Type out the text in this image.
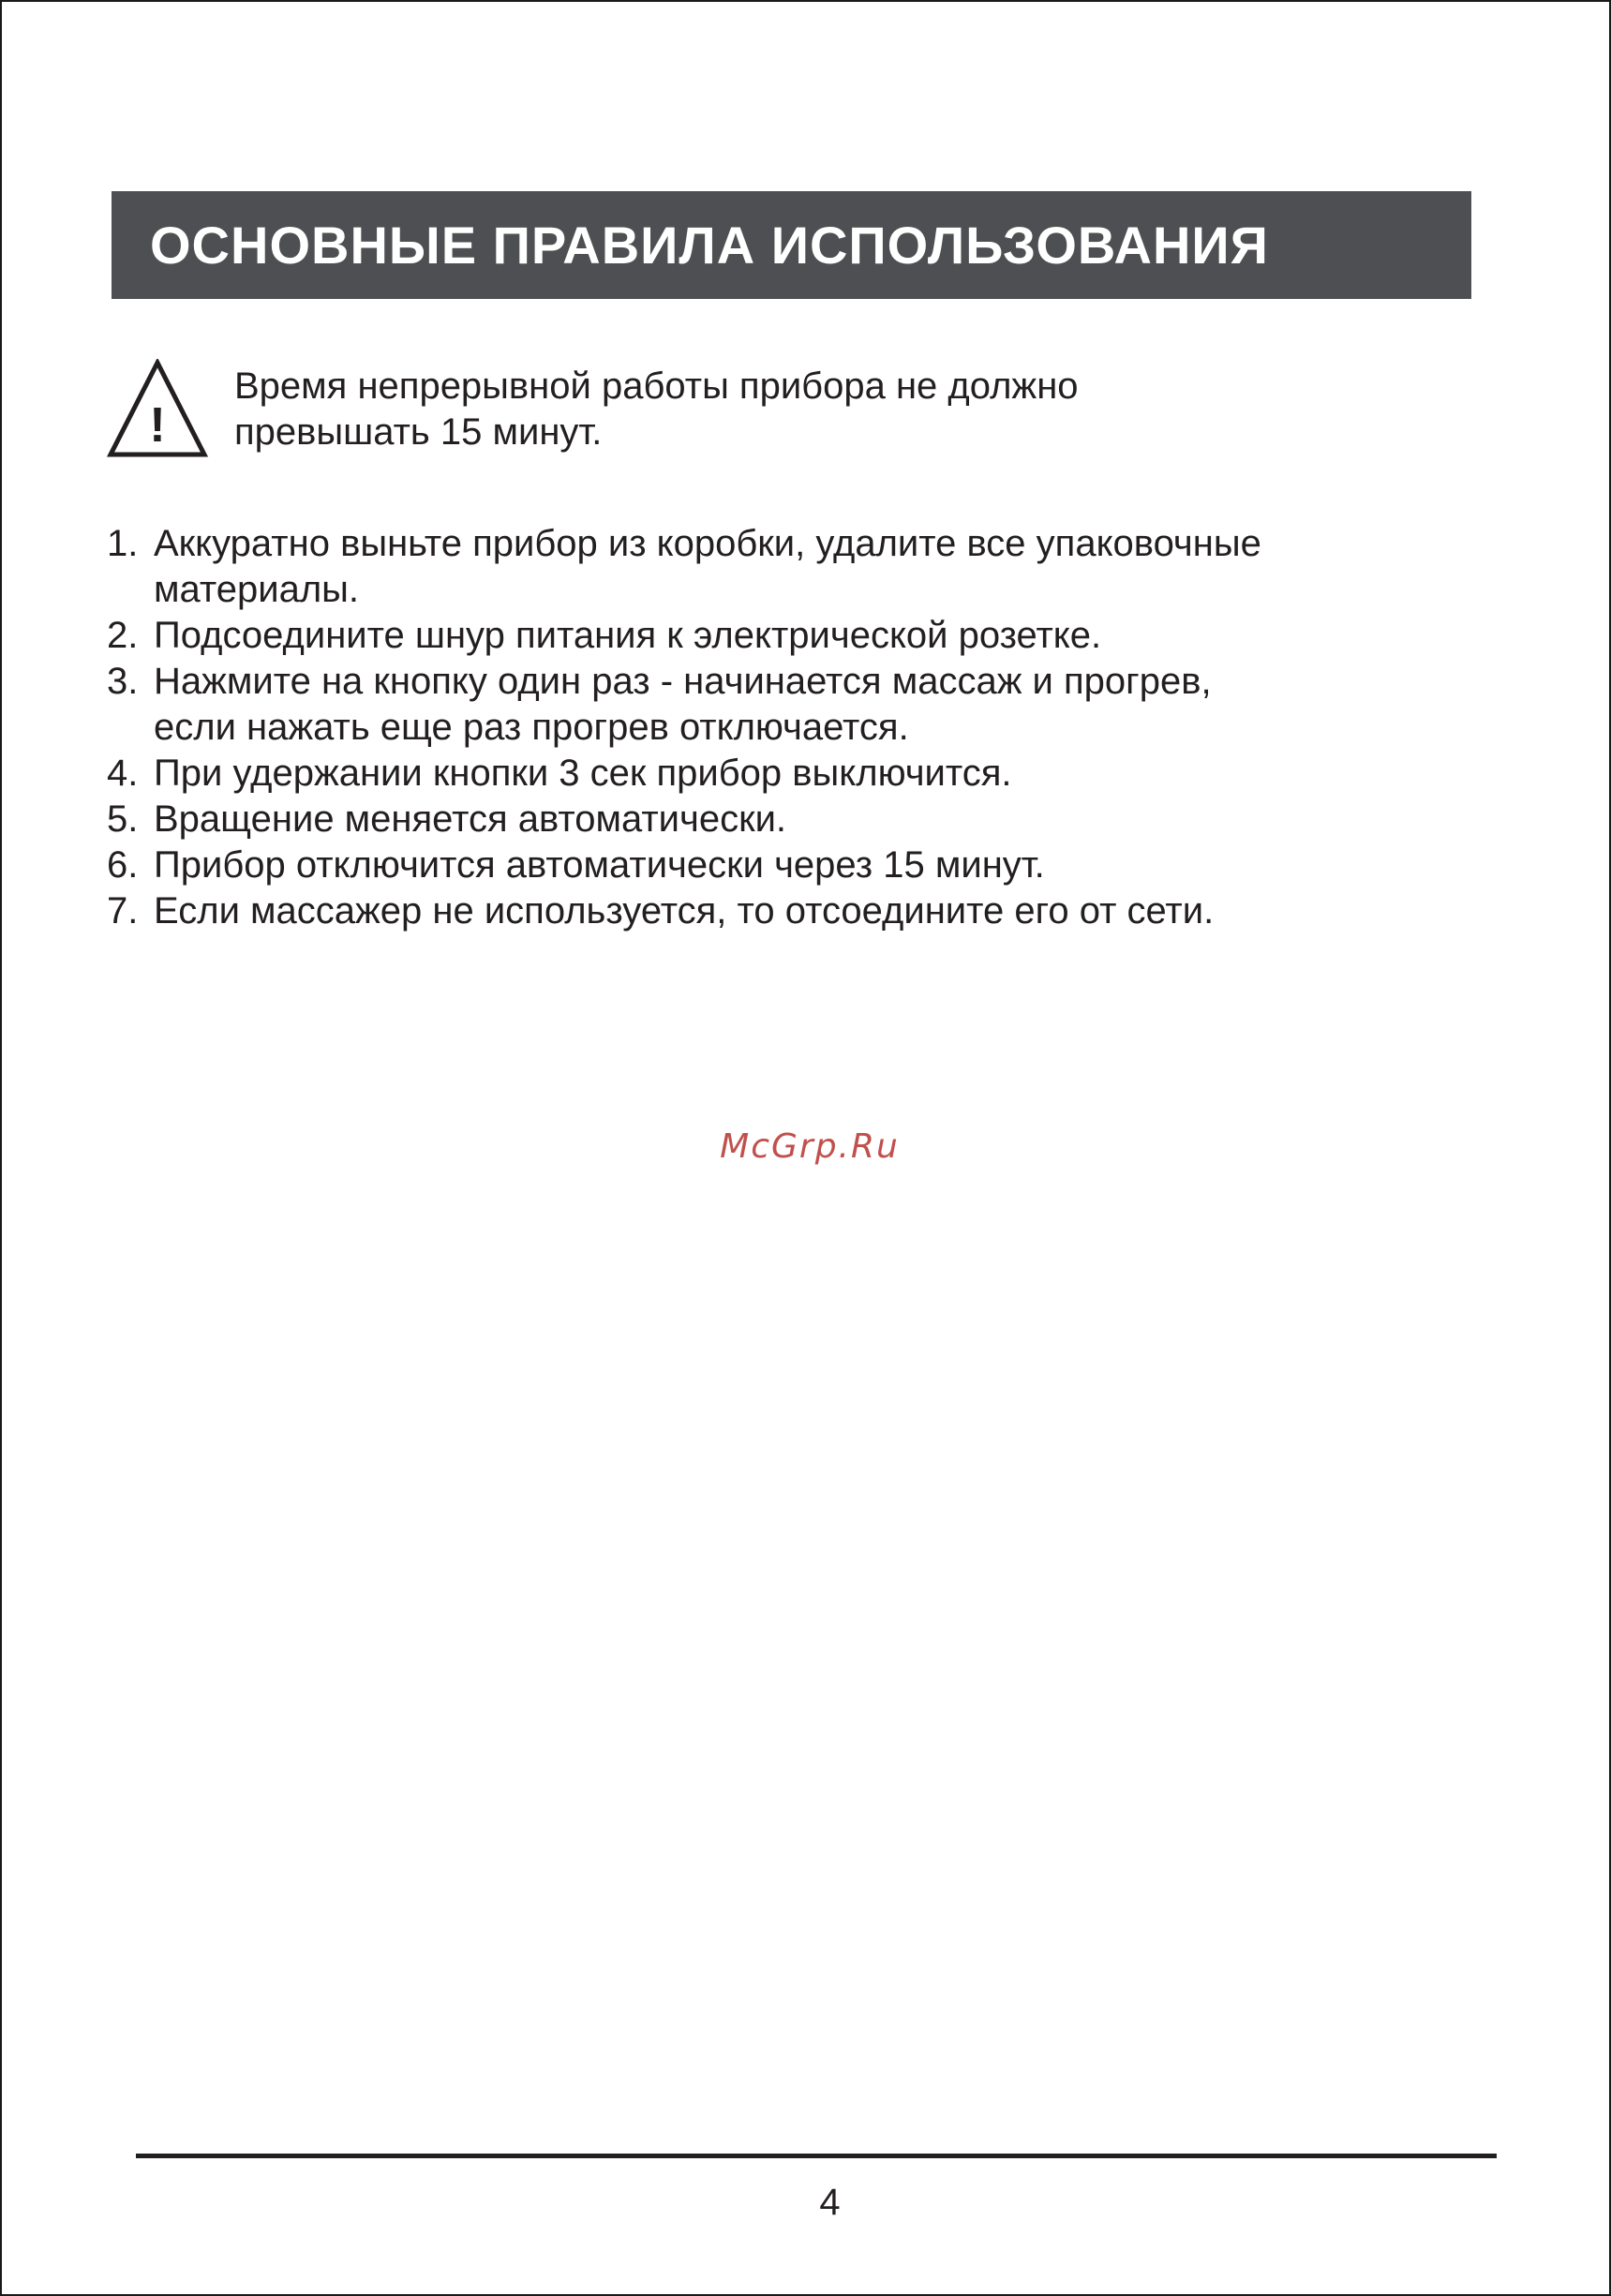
ОСНОВНЫЕ ПРАВИЛА ИСПОЛЬЗОВАНИЯ
!
Время непрерывной работы прибора не должно
превышать 15 минут.
1. Аккуратно выньте прибор из коробки, удалите все упаковочные
материалы.
2. Подсоедините шнур питания к электрической розетке.
3. Нажмите на кнопку один раз - начинается массаж и прогрев,
если нажать еще раз прогрев отключается.
4. При удержании кнопки 3 сек прибор выключится.
5. Вращение меняется автоматически.
6. Прибор отключится автоматически через 15 минут.
7. Если массажер не используется, то отсоедините его от сети.
McGrp.Ru
4
